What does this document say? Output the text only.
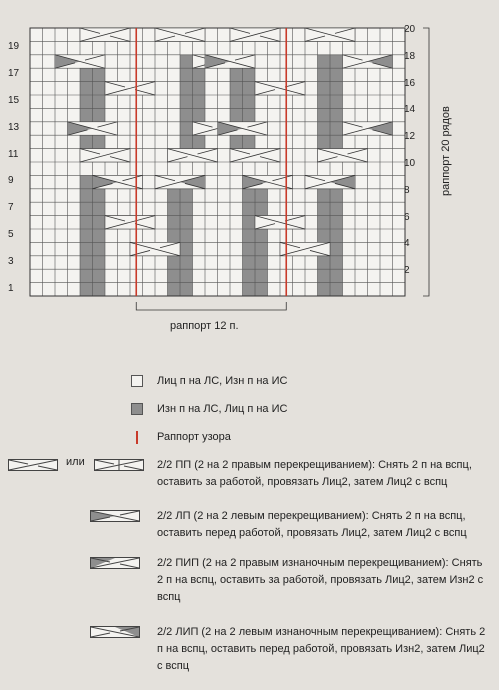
раппорт 20 рядов
раппорт 12 п.
или
Лиц п на ЛС, Изн п на ИС
Изн п на ЛС, Лиц п на ИС
Раппорт узора
2/2 ПП (2 на 2 правым перекрещиванием): Снять 2 п на вспц, оставить за работой, провязать Лиц2, затем Лиц2 с вспц
2/2 ЛП (2 на 2 левым перекрещиванием): Снять 2 п на вспц, оставить перед работой, провязать Лиц2, затем Лиц2 с вспц
2/2 ПИП (2 на 2 правым изнаночным перекрещиванием): Снять 2 п на вспц, оставить за работой, провязать Лиц2, затем Изн2 с вспц
2/2 ЛИП (2 на 2 левым изнаночным перекрещиванием): Снять 2 п на вспц, оставить перед работой, провязать Изн2, затем Лиц2 с вспц
19
17
15
13
11
9
7
5
3
1
20
18
16
14
12
10
8
6
4
2
